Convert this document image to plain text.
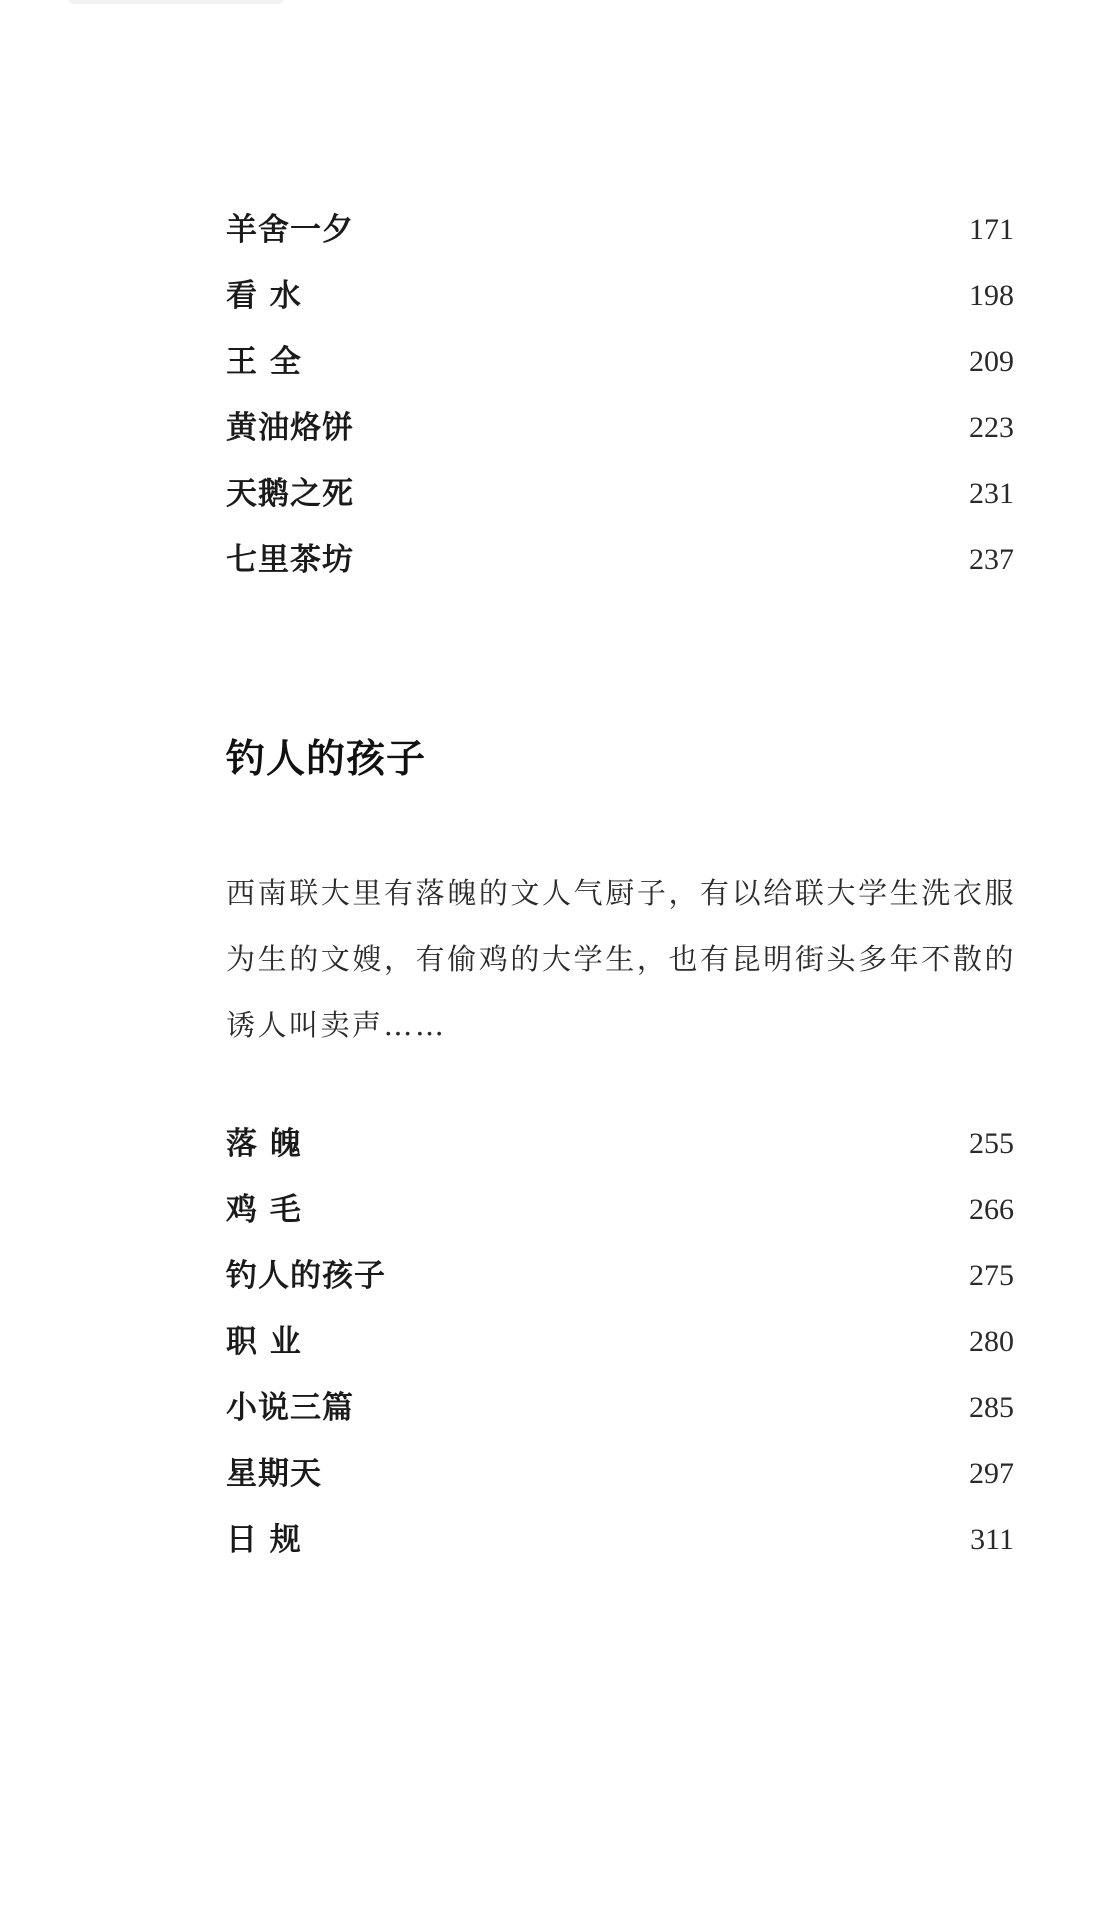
羊舍一夕	171
看 水	198
王 全	209
黄油烙饼	223
天鹅之死	231
七里茶坊	237
钓人的孩子

西南联大里有落魄的文人气厨子，有以给联大学生洗衣服为生的文嫂，有偷鸡的大学生，也有昆明街头多年不散的诱人叫卖声……

落 魄	255
鸡 毛	266
钓人的孩子	275
职 业	280
小说三篇	285
星期天	297
日 规	311
